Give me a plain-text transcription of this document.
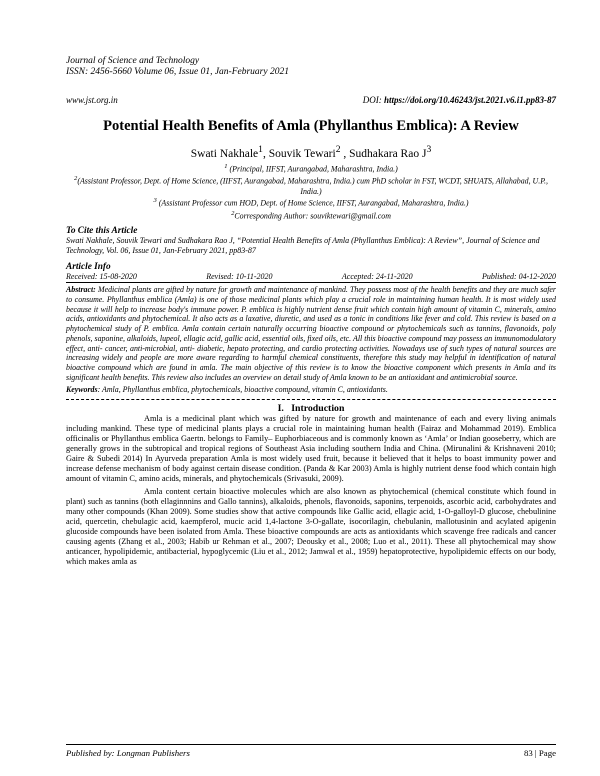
Journal of Science and Technology
ISSN: 2456-5660 Volume 06, Issue 01, Jan-February 2021
www.jst.org.in	DOI: https://doi.org/10.46243/jst.2021.v6.i1.pp83-87
Potential Health Benefits of Amla (Phyllanthus Emblica): A Review
Swati Nakhale$^1$, Souvik Tewari$^2$ , Sudhakara Rao $J^3$
$^1$ (Principal, IIFST, Aurangabad, Maharashtra, India.)
$^2$(Assistant Professor, Dept. of Home Science, (IIFST, Aurangabad, Maharashtra, India.) cum PhD scholar in FST, WCDT, SHUATS, Allahabad, U.P., India.)
$^3$ (Assistant Professor cum HOD, Dept. of Home Science, IIFST, Aurangabad, Maharashtra, India.)
$^2$Corresponding Author: souviktewari@gmail.com
To Cite this Article
Swati Nakhale, Souvik Tewari and Sudhakara Rao J, “Potential Health Benefits of Amla (Phyllanthus Emblica): A Review”, Journal of Science and Technology, Vol. 06, Issue 01, Jan-February 2021, pp83-87
Article Info
Received: 15-08-2020	Revised: 10-11-2020	Accepted: 24-11-2020	Published: 04-12-2020
Abstract: Medicinal plants are gifted by nature for growth and maintenance of mankind. They possess most of the health benefits and they are much safer to consume. Phyllanthus emblica (Amla) is one of those medicinal plants which play a crucial role in maintaining human health. It is most widely used because it will help to increase body's immune power. P. emblica is highly nutrient dense fruit which contain high amount of vitamin C, minerals, amino acids, antioxidants and phytochemical. It also acts as a laxative, diuretic, and used as a tonic in conditions like fever and cold. This review is based on a phytochemical study of P. emblica. Amla contain certain naturally occurring bioactive compound or phytochemicals such as tannins, flavonoids, poly phenols, saponine, alkaloids, lupeol, ellagic acid, gallic acid, essential oils, fixed oils, etc. All this bioactive compound may possess an immunomodulatory effect, anti- cancer, anti-microbial, anti- diabetic, hepato protecting, and cardio protecting activities. Nowadays use of such types of natural sources are increasing widely and people are more aware regarding to harmful chemical constituents, therefore this study may helpful in identification of natural bioactive compound which are found in amla. The main objective of this review is to know the bioactive component which presents in Amla and its significant health benefits. This review also includes an overview on detail study of Amla known to be an antioxidant and antimicrobial source.
Keywords: Amla, Phyllanthus emblica, phytochemicals, bioactive compound, vitamin C, antioxidants.
I. Introduction

Amla is a medicinal plant which was gifted by nature for growth and maintenance of each and every living animals including mankind. These type of medicinal plants plays a crucial role in maintaining human health (Fairaz and Mohammad 2019). Emblica officinalis or Phyllanthus emblica Gaertn. belongs to Family– Euphorbiaceous and is commonly known as ‘Amla’ or Indian gooseberry, which are generally grows in the subtropical and tropical regions of Southeast Asia including southern India and China. (Mirunalini & Krishnaveni 2010; Gaire & Subedi 2014) In Ayurveda preparation Amla is most widely used fruit, because it believed that it helps to boast immunity power and increase defense mechanism of body against certain disease condition. (Panda & Kar 2003) Amla is highly nutrient dense food which contain high amount of vitamin C, amino acids, minerals, and phytochemicals (Srivasuki, 2009).

Amla content certain bioactive molecules which are also known as phytochemical (chemical constitute which found in plant) such as tannins (both ellaginnnins and Gallo tannins), alkaloids, phenols, flavonoids, saponins, terpenoids, ascorbic acid, carbohydrates and many other compounds (Khan 2009). Some studies show that active compounds like Gallic acid, ellagic acid, 1-O-galloyl-D glucose, chebulinine acid, quercetin, chebulagic acid, kaempferol, mucic acid 1,4-lactone 3-O-gallate, isocorilagin, chebulanin, mallotusinin and acylated apigenin glucoside compounds have been isolated from Amla. These bioactive compounds are acts as antioxidants which scavenge free radicals and cancer causing agents (Zhang et al., 2003; Habib ur Rehman et al., 2007; Deousky et al., 2008; Luo et al., 2011). These all phytochemical may show anticancer, hypolipidemic, antibacterial, hypoglycemic (Liu et al., 2012; Jamwal et al., 1959) hepatoprotective, hypolipidemic effects on our body, which makes amla as

Published by: Longman Publishers	83 | Page
